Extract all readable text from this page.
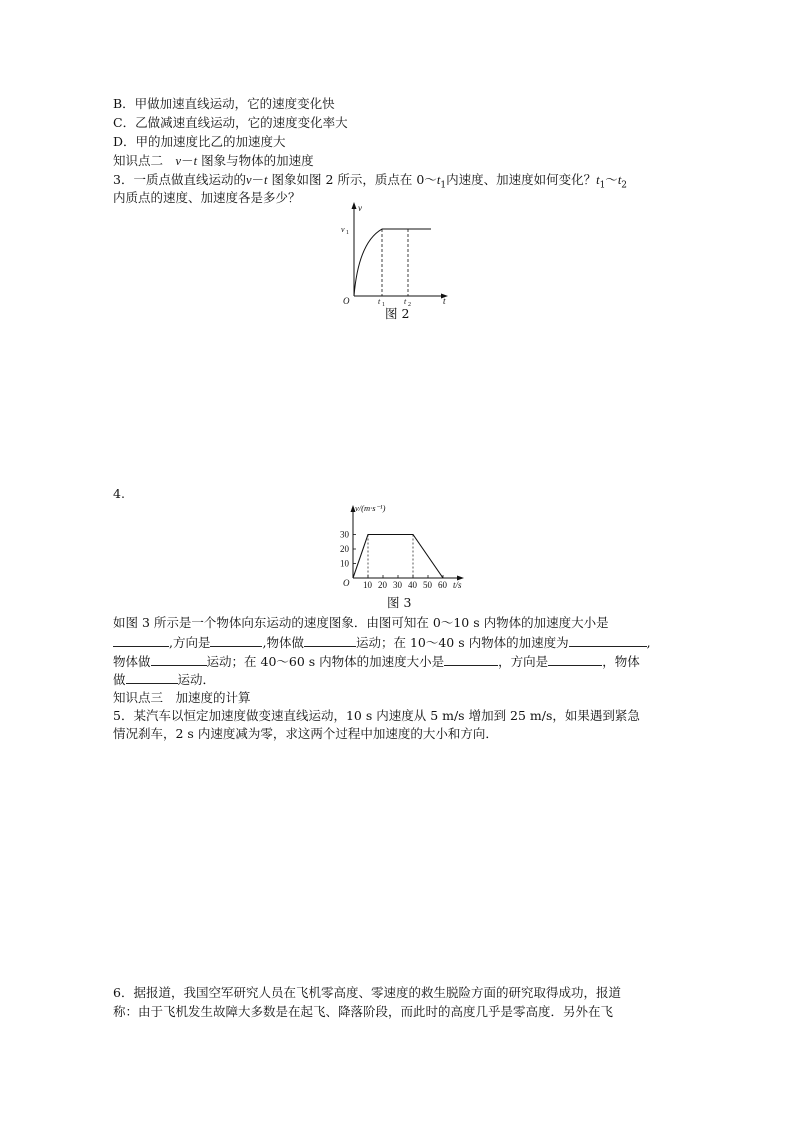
B．甲做加速直线运动，它的速度变化快
C．乙做减速直线运动，它的速度变化率大
D．甲的加速度比乙的加速度大
知识点二　 v－t 图象与物体的加速度
3．一质点做直线运动的v－t 图象如图 2 所示，质点在 $0\sim t_1$内速度、加速度如何变化？$t_1\sim t_2$
内质点的速度、加速度各是多少？
v
v 1
O	t 1 t 2	t
图 2
4.
10
20
30
10 20 30 40 50 60
v/(m·s⁻¹)
t/s
O
图 3
如图 3 所示是一个物体向东运动的速度图象．由图可知在 0～10 s 内物体的加速度大小是
,方向是	,物体做	运动；在 10～40 s 内物体的加速度为	,
物体做	运动；在 40～60 s 内物体的加速度大小是	，方向是	，物体
做	运动．
知识点三　加速度的计算
5．某汽车以恒定加速度做变速直线运动，10 s 内速度从 5 m/s 增加到 25 m/s，如果遇到紧急
情况刹车，2 s 内速度减为零，求这两个过程中加速度的大小和方向．
6．据报道，我国空军研究人员在飞机零高度、零速度的救生脱险方面的研究取得成功，报道
称：由于飞机发生故障大多数是在起飞、降落阶段，而此时的高度几乎是零高度．另外在飞
